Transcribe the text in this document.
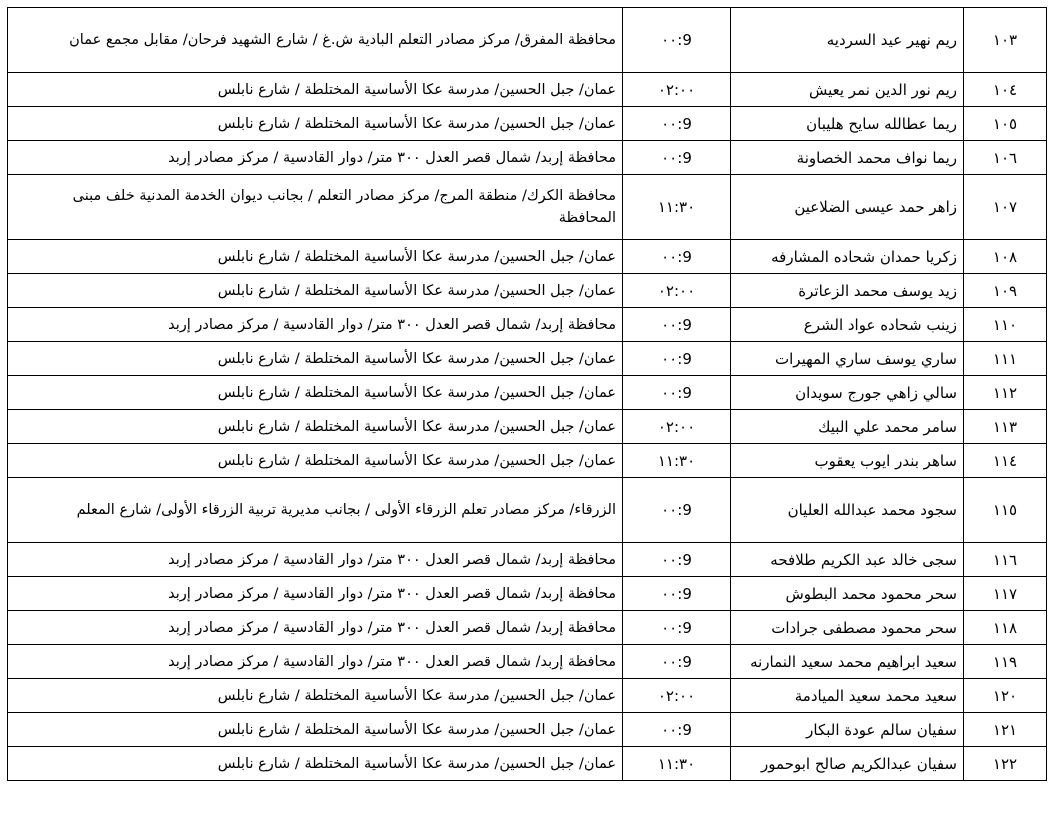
١٠٣	ريم نهير عيد السرديه	9:٠٠	محافظة المفرق/ مركز مصادر التعلم البادية ش.غ / شارع الشهيد فرحان/ مقابل مجمع عمان
١٠٤	ريم نور الدين نمر يعيش	٠٢:٠٠	عمان/ جبل الحسين/ مدرسة عكا الأساسية المختلطة / شارع نابلس
١٠٥	ريما عطالله سايح هليبان	9:٠٠	عمان/ جبل الحسين/ مدرسة عكا الأساسية المختلطة / شارع نابلس
١٠٦	ريما نواف محمد الخصاونة	9:٠٠	محافظة إربد/ شمال قصر العدل ٣٠٠ متر/ دوار القادسية / مركز مصادر إربد
١٠٧	زاهر حمد عيسى الضلاعين	١١:٣٠	محافظة الكرك/ منطقة المرج/ مركز مصادر التعلم / بجانب ديوان الخدمة المدنية خلف مبنى المحافظة
١٠٨	زكريا حمدان شحاده المشارفه	9:٠٠	عمان/ جبل الحسين/ مدرسة عكا الأساسية المختلطة / شارع نابلس
١٠٩	زيد يوسف محمد الزعاترة	٠٢:٠٠	عمان/ جبل الحسين/ مدرسة عكا الأساسية المختلطة / شارع نابلس
١١٠	زينب شحاده عواد الشرع	9:٠٠	محافظة إربد/ شمال قصر العدل ٣٠٠ متر/ دوار القادسية / مركز مصادر إربد
١١١	ساري يوسف ساري المهيرات	9:٠٠	عمان/ جبل الحسين/ مدرسة عكا الأساسية المختلطة / شارع نابلس
١١٢	سالي زاهي جورج سويدان	9:٠٠	عمان/ جبل الحسين/ مدرسة عكا الأساسية المختلطة / شارع نابلس
١١٣	سامر محمد علي البيك	٠٢:٠٠	عمان/ جبل الحسين/ مدرسة عكا الأساسية المختلطة / شارع نابلس
١١٤	ساهر بندر ايوب يعقوب	١١:٣٠	عمان/ جبل الحسين/ مدرسة عكا الأساسية المختلطة / شارع نابلس
١١٥	سجود محمد عبدالله العليان	9:٠٠	الزرقاء/ مركز مصادر تعلم الزرقاء الأولى / بجانب مديرية تربية الزرقاء الأولى/ شارع المعلم
١١٦	سجى خالد عبد الكريم طلافحه	9:٠٠	محافظة إربد/ شمال قصر العدل ٣٠٠ متر/ دوار القادسية / مركز مصادر إربد
١١٧	سحر محمود محمد البطوش	9:٠٠	محافظة إربد/ شمال قصر العدل ٣٠٠ متر/ دوار القادسية / مركز مصادر إربد
١١٨	سحر محمود مصطفى جرادات	9:٠٠	محافظة إربد/ شمال قصر العدل ٣٠٠ متر/ دوار القادسية / مركز مصادر إربد
١١٩	سعيد ابراهيم محمد سعيد النمارنه	9:٠٠	محافظة إربد/ شمال قصر العدل ٣٠٠ متر/ دوار القادسية / مركز مصادر إربد
١٢٠	سعيد محمد سعيد الميادمة	٠٢:٠٠	عمان/ جبل الحسين/ مدرسة عكا الأساسية المختلطة / شارع نابلس
١٢١	سفيان سالم عودة البكار	9:٠٠	عمان/ جبل الحسين/ مدرسة عكا الأساسية المختلطة / شارع نابلس
١٢٢	سفيان عبدالكريم صالح ابوحمور	١١:٣٠	عمان/ جبل الحسين/ مدرسة عكا الأساسية المختلطة / شارع نابلس
